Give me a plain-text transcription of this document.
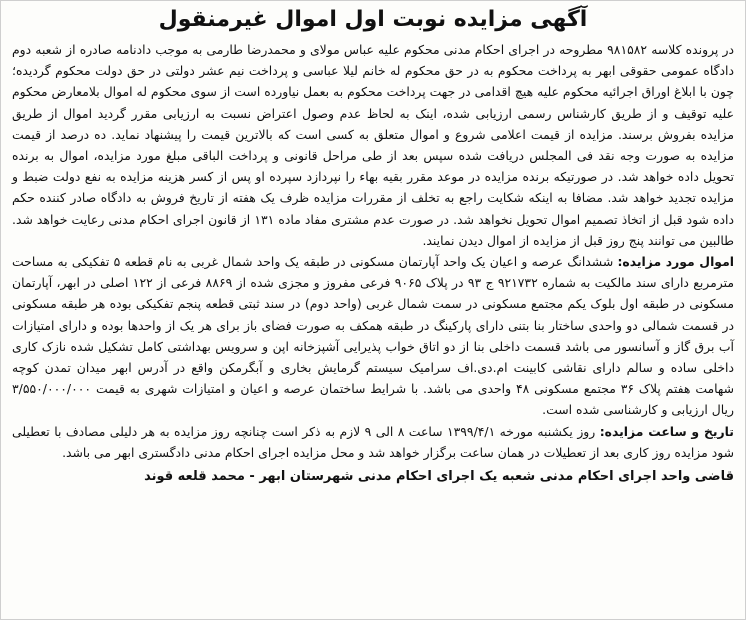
آگهی مزایده نوبت اول اموال غیرمنقول

در پرونده کلاسه ۹۸۱۵۸۲ مطروحه در اجرای احکام مدنی محکوم علیه عباس مولای و محمدرضا طارمی به موجب دادنامه صادره از شعبه دوم دادگاه عمومی حقوقی ابهر به پرداخت محکوم به در حق محکوم له خانم لیلا عباسی و پرداخت نیم عشر دولتی در حق دولت محکوم گردیده؛ چون با ابلاغ اوراق اجرائیه محکوم علیه هیچ اقدامی در جهت پرداخت محکوم به بعمل نیاورده است از سوی محکوم له اموال بلامعارض محکوم علیه توقیف و از طریق کارشناس رسمی ارزیابی شده، اینک به لحاظ عدم وصول اعتراض نسبت به ارزیابی مقرر گردید اموال از طریق مزایده بفروش برسند. مزایده از قیمت اعلامی شروع و اموال متعلق به کسی است که بالاترین قیمت را پیشنهاد نماید. ده درصد از قیمت مزایده به صورت وجه نقد فی المجلس دریافت شده سپس بعد از طی مراحل قانونی و پرداخت الباقی مبلغ مورد مزایده، اموال به برنده تحویل داده خواهد شد. در صورتیکه برنده مزایده در موعد مقرر بقیه بهاء را نپردازد سپرده او پس از کسر هزینه مزایده به نفع دولت ضبط و مزایده تجدید خواهد شد. مضافا به اینکه شکایت راجع به تخلف از مقررات مزایده ظرف یک هفته از تاریخ فروش به دادگاه صادر کننده حکم داده شود قبل از اتخاذ تصمیم اموال تحویل نخواهد شد. در صورت عدم مشتری مفاد ماده ۱۳۱ از قانون اجرای احکام مدنی رعایت خواهد شد. طالبین می توانند پنج روز قبل از مزایده از اموال دیدن نمایند.

اموال مورد مزایده: ششدانگ عرصه و اعیان یک واحد آپارتمان مسکونی در طبقه یک واحد شمال غربی به نام قطعه ۵ تفکیکی به مساحت مترمربع دارای سند مالکیت به شماره ۹۲۱۷۳۲ ج ۹۳ در پلاک ۹۰۶۵ فرعی مفروز و مجزی شده از ۸۸۶۹ فرعی از ۱۲۲ اصلی در ابهر، آپارتمان مسکونی در طبقه اول بلوک یکم مجتمع مسکونی در سمت شمال غربی (واحد دوم) در سند ثبتی قطعه پنجم تفکیکی بوده هر طبقه مسکونی در قسمت شمالی دو واحدی ساختار بنا بتنی دارای پارکینگ در طبقه همکف به صورت فضای باز برای هر یک از واحدها بوده و دارای امتیازات آب برق گاز و آسانسور می باشد قسمت داخلی بنا از دو اتاق خواب پذیرایی آشپزخانه اپن و سرویس بهداشتی کامل تشکیل شده نازک کاری داخلی ساده و سالم دارای نقاشی کابینت ام.دی.اف سرامیک سیستم گرمایش بخاری و آبگرمکن واقع در آدرس ابهر میدان تمدن کوچه شهامت هفتم پلاک ۳۶ مجتمع مسکونی ۴۸ واحدی می باشد. با شرایط ساختمان عرصه و اعیان و امتیازات شهری به قیمت ۳/۵۵۰/۰۰۰/۰۰۰ ریال ارزیابی و کارشناسی شده است.

تاریخ و ساعت مزایده: روز یکشنبه مورخه ۱۳۹۹/۴/۱ ساعت ۸ الی ۹ لازم به ذکر است چنانچه روز مزایده به هر دلیلی مصادف با تعطیلی شود مزایده روز کاری بعد از تعطیلات در همان ساعت برگزار خواهد شد و محل مزایده اجرای احکام مدنی دادگستری ابهر می باشد.

قاضی واحد اجرای احکام مدنی شعبه یک اجرای احکام مدنی شهرستان ابهر - محمد قلعه قوند
